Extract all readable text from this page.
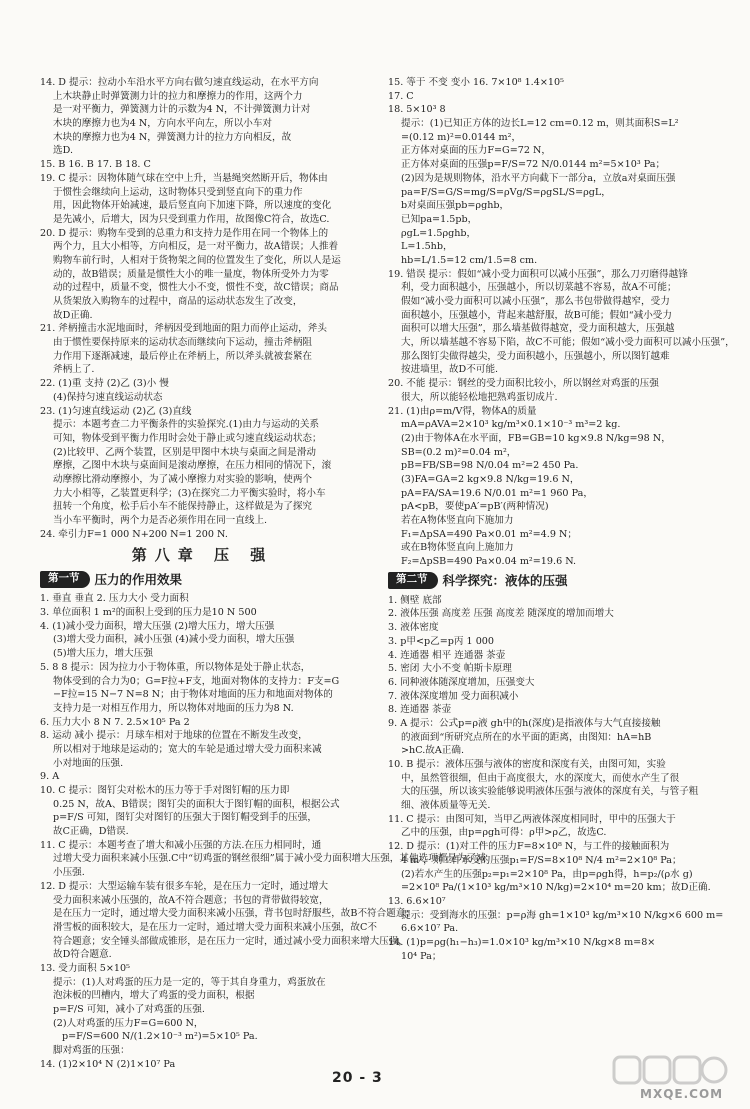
14. D 提示：拉动小车沿水平方向右做匀速直线运动，在水平方向
上木块静止时弹簧测力计的拉力和摩擦力的作用，这两个力
是一对平衡力，弹簧测力计的示数为4 N，不计弹簧测力计对
木块的摩擦力也为4 N，方向水平向左，所以小车对
木块的摩擦力也为4 N，弹簧测力计的拉力方向相反，故
选D.
15. B 16. B 17. B 18. C
19. C 提示：因物体随气球在空中上升，当悬绳突然断开后，物体由
于惯性会继续向上运动，这时物体只受到竖直向下的重力作
用，因此物体开始减速，最后竖直向下加速下降，所以速度的变化
是先减小，后增大，因为只受到重力作用，故图像C符合，故选C.
20. D 提示：购物车受到的总重力和支持力是作用在同一个物体上的
两个力，且大小相等，方向相反，是一对平衡力，故A错误；人推着
购物车前行时，人相对于货物架之间的位置发生了变化，所以人是运
动的，故B错误；质量是惯性大小的唯一量度，物体所受外力为零
动的过程中，质量不变，惯性大小不变，惯性不变，故C错误；商品
从货架放入购物车的过程中，商品的运动状态发生了改变，
故D正确.
21. 斧柄撞击水泥地面时，斧柄因受到地面的阻力而停止运动，斧头
由于惯性要保持原来的运动状态而继续向下运动，撞击斧柄阻
力作用下逐渐减速，最后停止在斧柄上，所以斧头就被套紧在
斧柄上了.
22. (1)重 支持 (2)乙 (3)小 慢
(4)保持匀速直线运动状态
23. (1)匀速直线运动 (2)乙 (3)直线
提示：本题考查二力平衡条件的实验探究.(1)由力与运动的关系
可知，物体受到平衡力作用时会处于静止或匀速直线运动状态；
(2)比较甲、乙两个装置，区别是甲图中木块与桌面之间是滑动
摩擦，乙图中木块与桌面间是滚动摩擦，在压力相同的情况下，滚
动摩擦比滑动摩擦小，为了减小摩擦力对实验的影响，使两个
力大小相等，乙装置更科学；(3)在探究二力平衡实验时，将小车
扭转一个角度，松手后小车不能保持静止，这样做是为了探究
当小车平衡时，两个力是否必须作用在同一直线上.
24. 牵引力F=1 000 N+200 N=1 200 N.
第八章 压 强
第一节	压力的作用效果
1. 垂直 垂直 2. 压力大小 受力面积
3. 单位面积 1 m²的面积上受到的压力是10 N 500
4. (1)减小受力面积，增大压强 (2)增大压力，增大压强
(3)增大受力面积，减小压强 (4)减小受力面积，增大压强
(5)增大压力，增大压强
5. 8 8 提示：因为拉力小于物体重，所以物体是处于静止状态，
物体受到的合力为0；G=F拉+F支，地面对物体的支持力：F支=G
−F拉=15 N−7 N=8 N；由于物体对地面的压力和地面对物体的
支持力是一对相互作用力，所以物体对地面的压力为8 N.
6. 压力大小 8 N 7. 2.5×10⁵ Pa 2
8. 运动 减小 提示：月球车相对于地球的位置在不断发生改变，
所以相对于地球是运动的；宽大的车轮是通过增大受力面积来减
小对地面的压强.
9. A
10. C 提示：图钉尖对松木的压力等于手对图钉帽的压力即
0.25 N，故A、B错误；图钉尖的面积大于图钉帽的面积，根据公式
p=F/S 可知，图钉尖对图钉的压强大于图钉帽受到手的压强，
故C正确，D错误.
11. C 提示：本题考查了增大和减小压强的方法.在压力相同时，通
过增大受力面积来减小压强.C中“切鸡蛋的钢丝很细”属于减小受力面积增大压强，其他选项都是为了减
小压强.
12. D 提示：大型运输车装有很多车轮，是在压力一定时，通过增大
受力面积来减小压强的，故A不符合题意；书包的背带做得较宽，
是在压力一定时，通过增大受力面积来减小压强，背书包时舒服些，故B不符合题意；
滑雪板的面积较大，是在压力一定时，通过增大受力面积来减小压强，故C不
符合题意；安全锤头部做成锥形，是在压力一定时，通过减小受力面积来增大压强，
故D符合题意.
13. 受力面积 5×10⁵
提示：(1)人对鸡蛋的压力是一定的，等于其自身重力，鸡蛋放在
泡沫板的凹槽内，增大了鸡蛋的受力面积，根据
p=F/S 可知，减小了对鸡蛋的压强.
(2)人对鸡蛋的压力F=G=600 N，
p=F/S=600 N/(1.2×10⁻³ m²)=5×10⁵ Pa.
脚对鸡蛋的压强：
14. (1)2×10⁴ N (2)1×10⁷ Pa
15. 等于 不变 变小 16. 7×10⁸ 1.4×10⁵
17. C
18. 5×10³ 8
提示：(1)已知正方体的边长L=12 cm=0.12 m，则其面积S=L²
=(0.12 m)²=0.0144 m²，
正方体对桌面的压力F=G=72 N，
正方体对桌面的压强p=F/S=72 N/0.0144 m²=5×10³ Pa；
(2)因为是规则物体，沿水平方向截下一部分a，立放a对桌面压强
pa=F/S=G/S=mg/S=ρVg/S=ρgSL/S=ρgL，
b对桌面压强pb=ρghb，
已知pa=1.5pb，
ρgL=1.5ρghb，
L=1.5hb，
hb=L/1.5=12 cm/1.5=8 cm.
19. 错误 提示：假如“减小受力面积可以减小压强”，那么刀刃磨得越锋
利，受力面积越小，压强越小，所以切菜越不容易，故A不可能；
假如“减小受力面积可以减小压强”，那么书包带做得越窄，受力
面积越小，压强越小，背起来越舒服，故B可能；假如“减小受力
面积可以增大压强”，那么墙基做得越宽，受力面积越大，压强越
大，所以墙基越不容易下陷，故C不可能；假如“减小受力面积可以减小压强”，
那么图钉尖做得越尖，受力面积越小，压强越小，所以图钉越难
按进墙里，故D不可能.
20. 不能 提示：钢丝的受力面积比较小，所以钢丝对鸡蛋的压强
很大，所以能轻松地把熟鸡蛋切成片.
21. (1)由ρ=m/V得，物体A的质量
mA=ρAVA=2×10³ kg/m³×0.1×10⁻³ m³=2 kg.
(2)由于物体A在水平面，FB=GB=10 kg×9.8 N/kg=98 N，
SB=(0.2 m)²=0.04 m²，
pB=FB/SB=98 N/0.04 m²=2 450 Pa.
(3)FA=GA=2 kg×9.8 N/kg=19.6 N，
pA=FA/SA=19.6 N/0.01 m²=1 960 Pa，
pA<pB，要使pA′=pB′(两种情况)
若在A物体竖直向下施加力
F₁=ΔpSA=490 Pa×0.01 m²=4.9 N；
或在B物体竖直向上施加力
F₂=ΔpSB=490 Pa×0.04 m²=19.6 N.
第二节	科学探究：液体的压强
1. 侧壁 底部
2. 液体压强 高度差 压强 高度差 随深度的增加而增大
3. 液体密度
3. p甲<p乙=p丙 1 000
4. 连通器 相平 连通器 茶壶
5. 密闭 大小不变 帕斯卡原理
6. 同种液体随深度增加，压强变大
7. 液体深度增加 受力面积减小
8. 连通器 茶壶
9. A 提示：公式p=ρ液 gh中的h(深度)是指液体与大气直接接触
的液面到“所研究点所在的水平面的距离，由图知：hA=hB
>hC.故A正确.
10. B 提示：液体压强与液体的密度和深度有关，由图可知，实验
中，虽然管很细，但由于高度很大，水的深度大，而使水产生了很
大的压强，所以该实验能够说明液体压强与液体的深度有关，与管子粗
细、液体质量等无关.
11. C 提示：由图可知，当甲乙两液体深度相同时，甲中的压强大于
乙中的压强，由p=ρgh可得：ρ甲>ρ乙，故选C.
12. D 提示：(1)对工件的压力F=8×10⁸ N，与工件的接触面积为
4 m²，则工件承受的压强p₁=F/S=8×10⁸ N/4 m²=2×10⁸ Pa；
(2)若水产生的压强p₂=p₁=2×10⁸ Pa，由p=ρgh得，h=p₂/(ρ水 g)
=2×10⁸ Pa/(1×10³ kg/m³×10 N/kg)=2×10⁴ m=20 km；故D正确.
13. 6.6×10⁷
提示：受到海水的压强：p=ρ海 gh=1×10³ kg/m³×10 N/kg×6 600 m=
6.6×10⁷ Pa.
14. (1)p=ρg(h₁−h₃)=1.0×10³ kg/m³×10 N/kg×8 m=8×
10⁴ Pa；
20 - 3
MXQE.COM
